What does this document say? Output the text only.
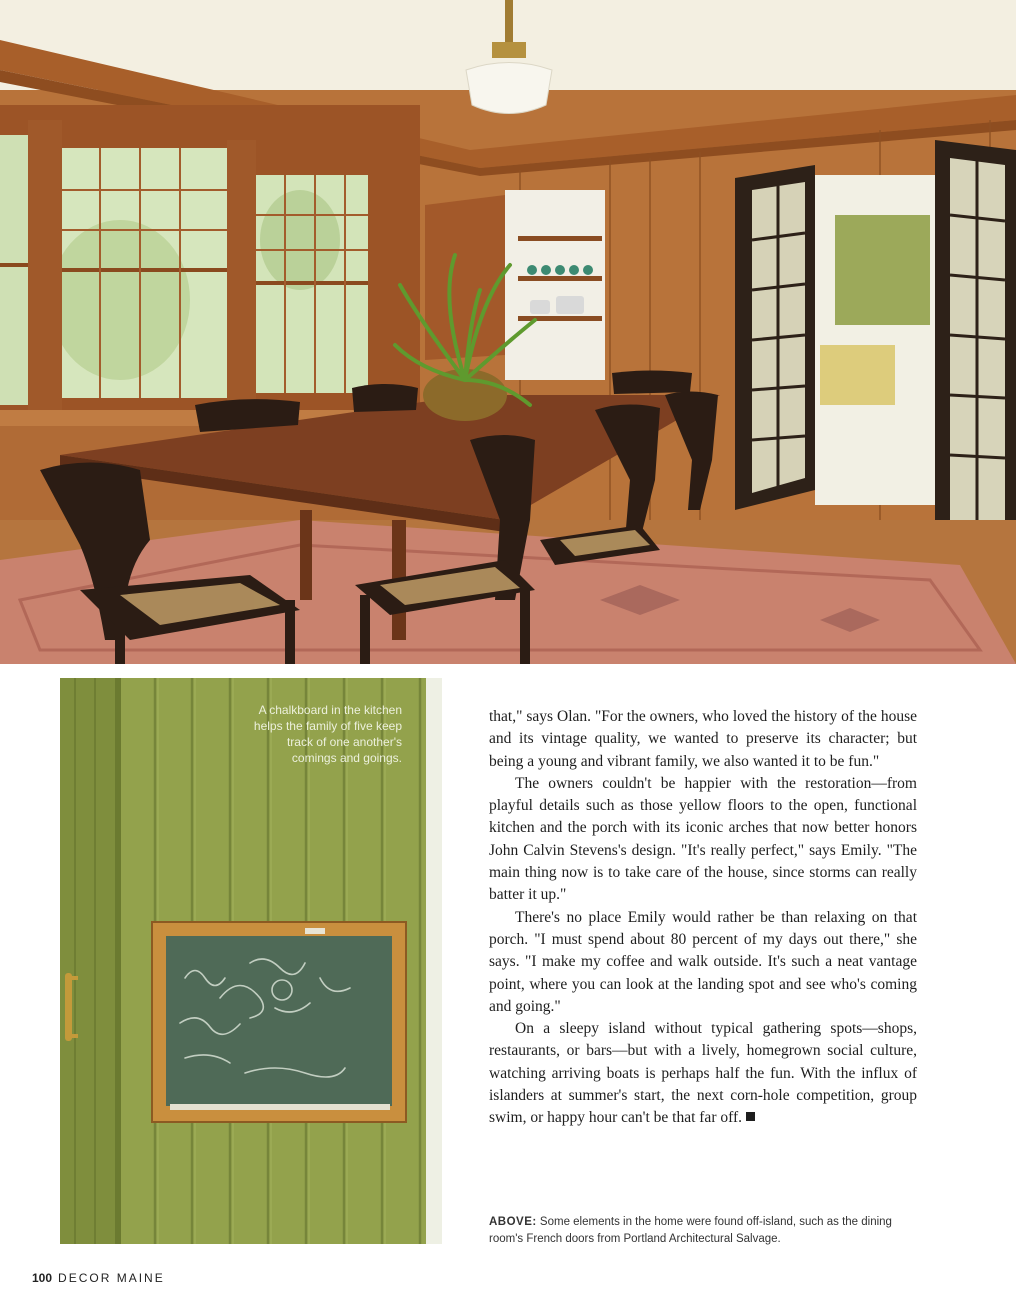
A chalkboard in the kitchen helps the family of five keep track of one another's comings and goings.

that," says Olan. "For the owners, who loved the history of the house and its vintage quality, we wanted to preserve its character; but being a young and vibrant family, we also wanted it to be fun."

The owners couldn't be happier with the restoration—from playful details such as those yellow floors to the open, functional kitchen and the porch with its iconic arches that now better honors John Calvin Stevens's design. "It's really perfect," says Emily. "The main thing now is to take care of the house, since storms can really batter it up."

There's no place Emily would rather be than relaxing on that porch. "I must spend about 80 percent of my days out there," she says. "I make my coffee and walk outside. It's such a neat vantage point, where you can look at the landing spot and see who's coming and going."

On a sleepy island without typical gathering spots—shops, restaurants, or bars—but with a lively, homegrown social culture, watching arriving boats is perhaps half the fun. With the influx of islanders at summer's start, the next corn-hole competition, group swim, or happy hour can't be that far off.

ABOVE: Some elements in the home were found off-island, such as the dining room's French doors from Portland Architectural Salvage.
100 DECOR MAINE
